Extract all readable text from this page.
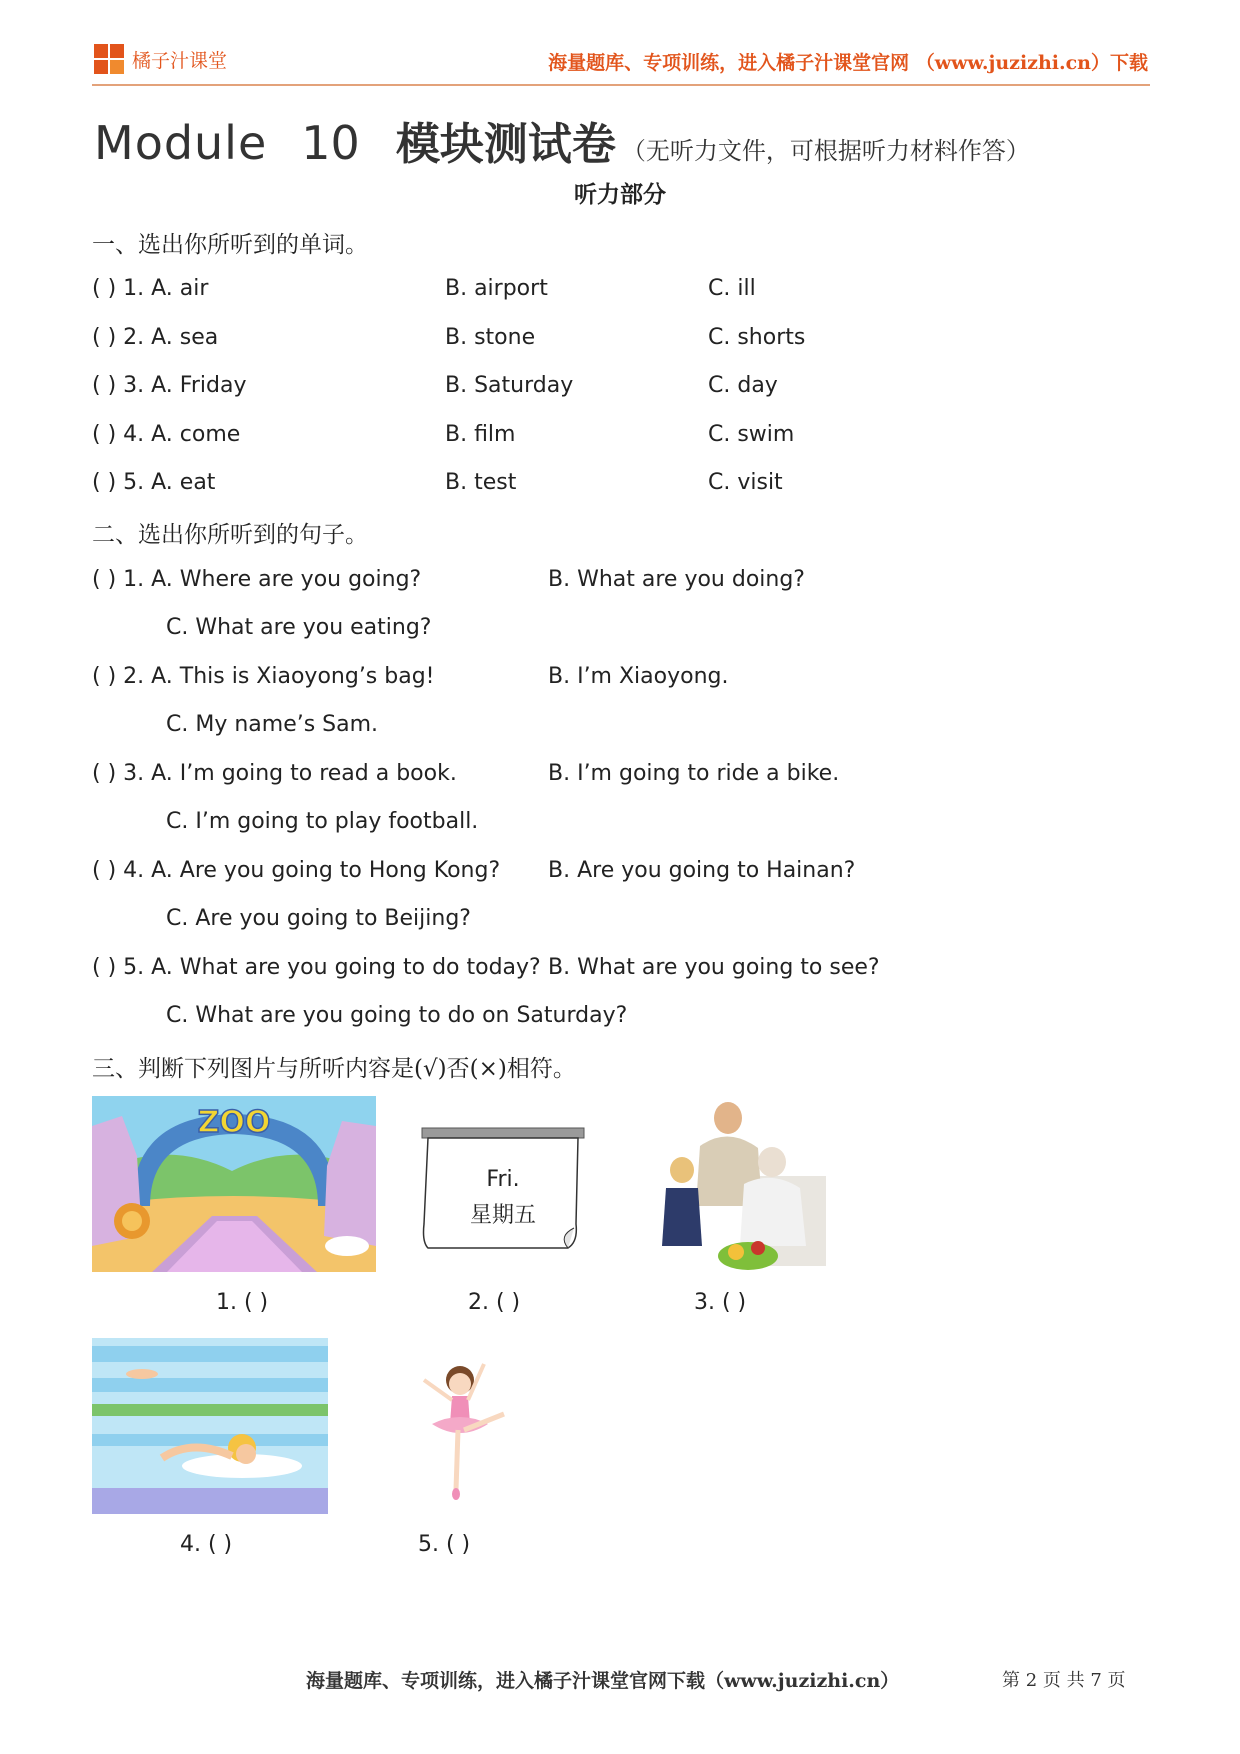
橘子汁课堂	海量题库、专项训练，进入橘子汁课堂官网 （www.juzizhi.cn）下载
Module 10 模块测试卷 （无听力文件，可根据听力材料作答）
听力部分
一、选出你所听到的单词。
( ) 1. A. air	B. airport	C. ill
( ) 2. A. sea	B. stone	C. shorts
( ) 3. A. Friday	B. Saturday	C. day
( ) 4. A. come	B. film	C. swim
( ) 5. A. eat	B. test	C. visit
二、选出你所听到的句子。
( ) 1. A. Where are you going?	B. What are you doing?
C. What are you eating?
( ) 2. A. This is Xiaoyong’s bag!	B. I’m Xiaoyong.
C. My name’s Sam.
( ) 3. A. I’m going to read a book.	B. I’m going to ride a bike.
C. I’m going to play football.
( ) 4. A. Are you going to Hong Kong? B. Are you going to Hainan?
C. Are you going to Beijing?
( ) 5. A. What are you going to do today? B. What are you going to see?
C. What are you going to do on Saturday?
三、判断下列图片与所听内容是(√)否(×)相符。
ZOO
Fri.
星期五
1. ( )	2. ( )	3. ( )
4. ( )	5. ( )
海量题库、专项训练，进入橘子汁课堂官网下载（www.juzizhi.cn）	第 2 页 共 7 页
